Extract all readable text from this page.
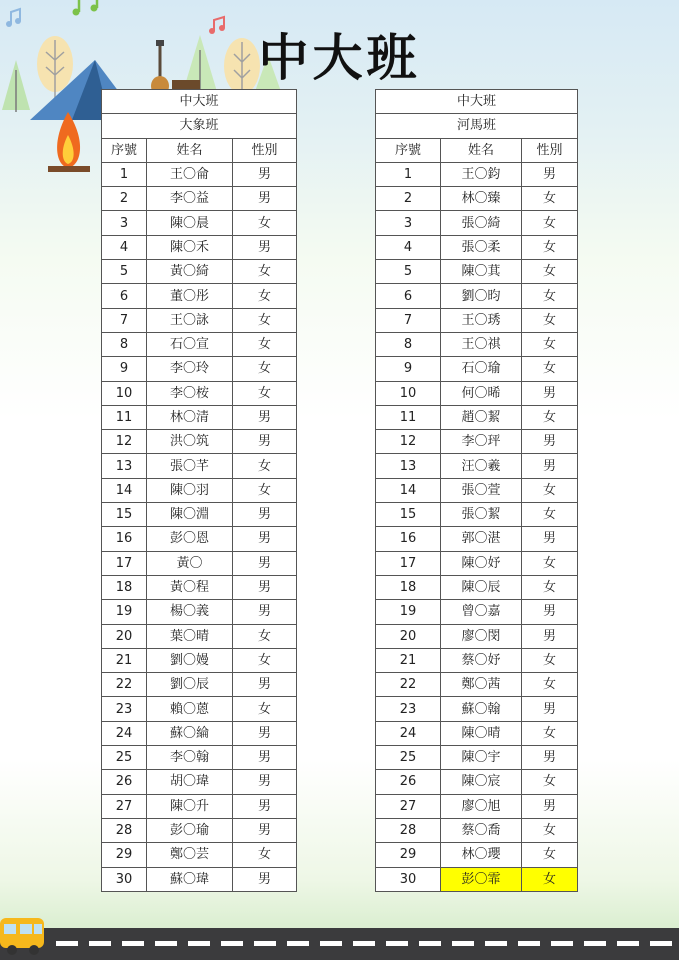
中大班
中大班		
大象班		
序號	姓名	性別
1	王〇侖	男
2	李〇益	男
3	陳〇晨	女
4	陳〇禾	男
5	黃〇綺	女
6	董〇彤	女
7	王〇詠	女
8	石〇宣	女
9	李〇玲	女
10	李〇桉	女
11	林〇清	男
12	洪〇筑	男
13	張〇芊	女
14	陳〇羽	女
15	陳〇淵	男
16	彭〇恩	男
17	黃〇	男
18	黃〇程	男
19	楊〇義	男
20	葉〇晴	女
21	劉〇嫚	女
22	劉〇辰	男
23	賴〇蒽	女
24	蘇〇綸	男
25	李〇翰	男
26	胡〇瑋	男
27	陳〇升	男
28	彭〇瑜	男
29	鄭〇芸	女
30	蘇〇瑋	男
中大班		
河馬班		
序號	姓名	性別
1	王〇鈞	男
2	林〇臻	女
3	張〇綺	女
4	張〇柔	女
5	陳〇萁	女
6	劉〇昀	女
7	王〇琇	女
8	王〇祺	女
9	石〇瑜	女
10	何〇晞	男
11	趙〇絜	女
12	李〇玶	男
13	汪〇羲	男
14	張〇萱	女
15	張〇絜	女
16	郭〇湛	男
17	陳〇妤	女
18	陳〇辰	女
19	曾〇嘉	男
20	廖〇閔	男
21	蔡〇妤	女
22	鄭〇茜	女
23	蘇〇翰	男
24	陳〇晴	女
25	陳〇宇	男
26	陳〇宸	女
27	廖〇旭	男
28	蔡〇喬	女
29	林〇瓔	女
30	彭〇霏	女
